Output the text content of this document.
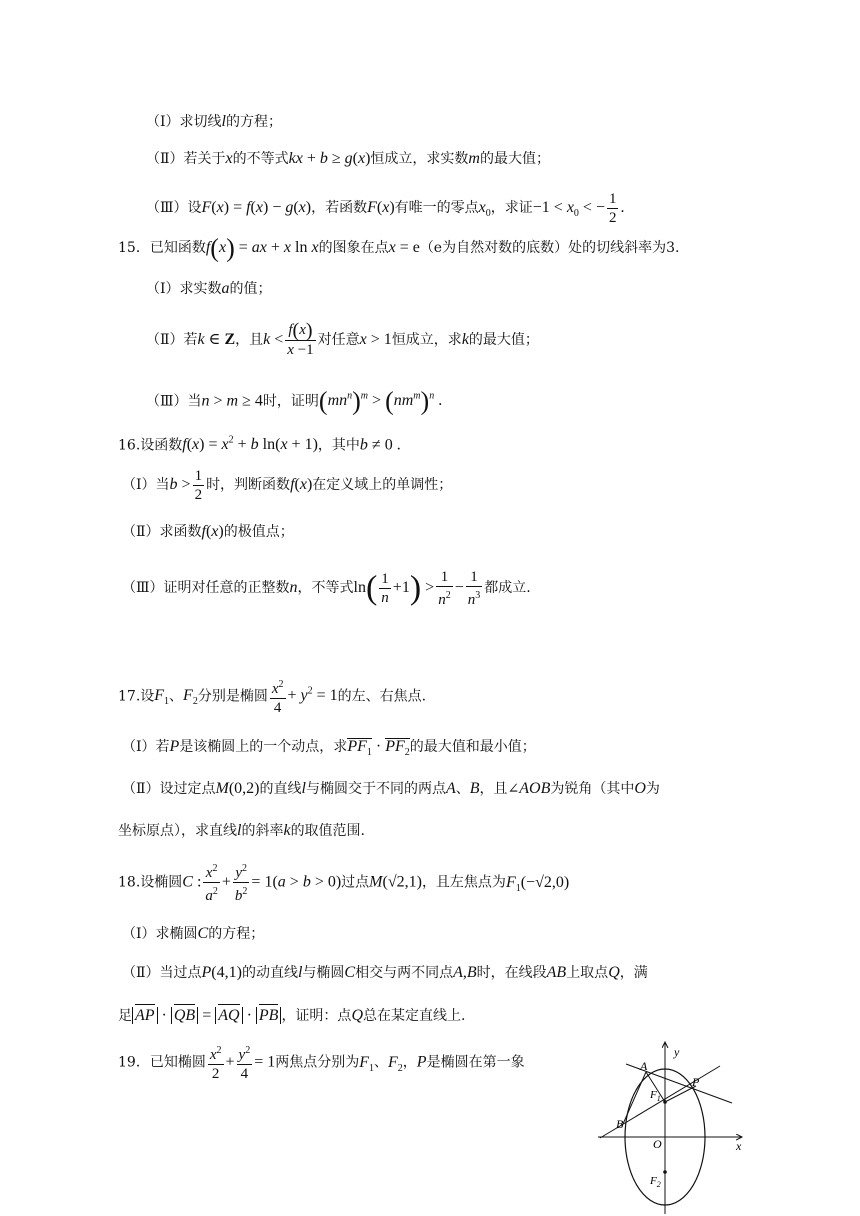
（Ⅰ）求切线l的方程；
（Ⅱ）若关于x的不等式kx + b ≥ g(x)恒成立，求实数m的最大值；
（Ⅲ）设F(x) = f(x) − g(x)，若函数F(x)有唯一的零点$x_0$，求证$-1 < x_0$ < − $\frac{1}{2}$ .
15．已知函数f(x) = ax + x ln x的图象在点x = e（e为自然对数的底数）处的切线斜率为3.
（Ⅰ）求实数a的值；
（Ⅱ）若k ∈ Z，且$k < \frac{f(x)}{x -1}$ 对任意x > 1恒成立，求k的最大值；
（Ⅲ）当n > m ≥ 4时，证明$(mn^n)^m > (nm^m)^n$ .
16.设函数$f(x) = x^2 + b$ ln(x + 1)，其中b ≠ 0 .
（Ⅰ）当$b > \frac{1}{2}$ 时，判断函数f(x)在定义域上的单调性；
（Ⅱ）求函数f(x)的极值点；
（Ⅲ）证明对任意的正整数n，不等式$\ln( \frac{1}{n} +1) > \frac{1}{n^2} - \frac{1}{n^3}$ 都成立.
17.设$F_1$、$F_2$分别是椭圆 $\frac{x^2}{4} + y^2 = 1$的左、右焦点.
（Ⅰ）若P是该椭圆上的一个动点，求$PF_1 \cdot PF_2$的最大值和最小值；
（Ⅱ）设过定点M(0,2)的直线l与椭圆交于不同的两点A、B，且∠AOB为锐角（其中O为
坐标原点），求直线l的斜率k的取值范围.
18.设椭圆C : $\frac{x^2}{a^2} + \frac{y^2}{b^2} = 1(a > b > 0)$过点M(√2,1)，且左焦点为$F_1(-√2,0)$
（Ⅰ）求椭圆C的方程；
（Ⅱ）当过点P(4,1)的动直线l与椭圆C相交与两不同点A,B时，在线段AB上取点Q，满
足 AP · QB = AQ · PB ，证明：点Q总在某定直线上.
19．已知椭圆 $\frac{x^2}{2} + \frac{y^2}{4} = 1$两焦点分别为$F_1$、$F_2$，P是椭圆在第一象
y
x
O
A
P
B
$F_1$
$F_2$
